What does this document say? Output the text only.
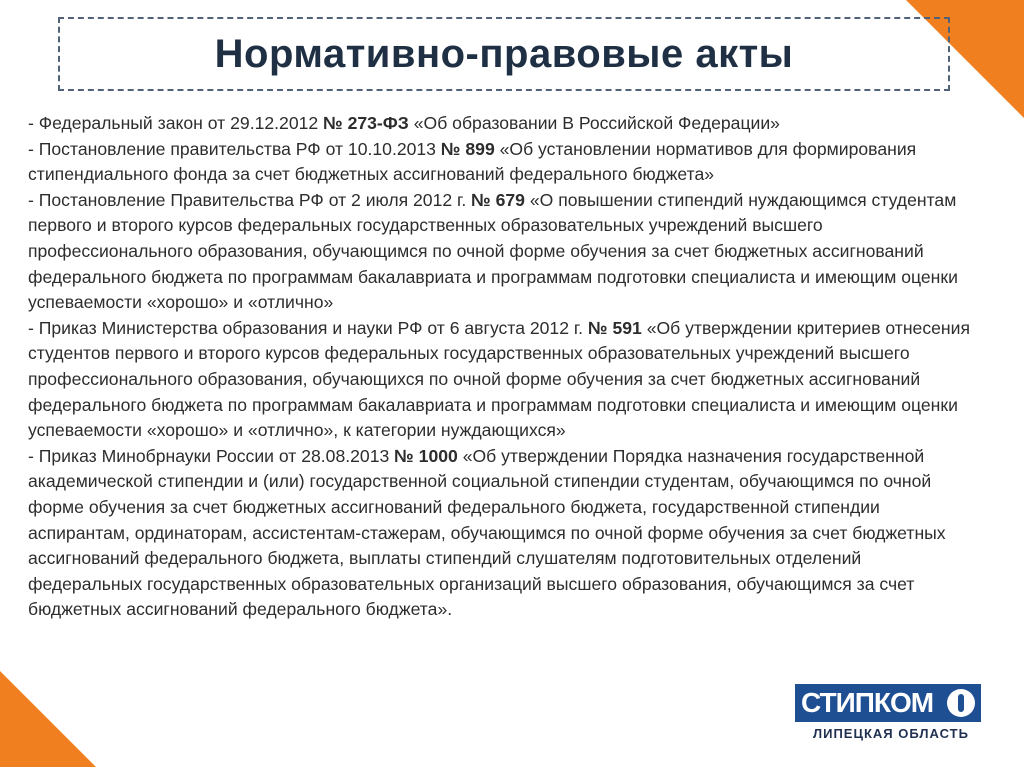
Нормативно-правовые акты

- Федеральный закон от 29.12.2012 № 273-ФЗ «Об образовании В Российской Федерации»

- Постановление правительства РФ от 10.10.2013 № 899 «Об установлении нормативов для формирования стипендиального фонда за счет бюджетных ассигнований федерального бюджета»

- Постановление Правительства РФ от 2 июля 2012 г. № 679 «О повышении стипендий нуждающимся студентам первого и второго курсов федеральных государственных образовательных учреждений высшего профессионального образования, обучающимся по очной форме обучения за счет бюджетных ассигнований федерального бюджета по программам бакалавриата и программам подготовки специалиста и имеющим оценки успеваемости «хорошо» и «отлично»

- Приказ Министерства образования и науки РФ от 6 августа 2012 г. № 591 «Об утверждении критериев отнесения студентов первого и второго курсов федеральных государственных образовательных учреждений высшего профессионального образования, обучающихся по очной форме обучения за счет бюджетных ассигнований федерального бюджета по программам бакалавриата и программам подготовки специалиста и имеющим оценки успеваемости «хорошо» и «отлично», к категории нуждающихся»

- Приказ Минобрнауки России от 28.08.2013 № 1000 «Об утверждении Порядка назначения государственной академической стипендии и (или) государственной социальной стипендии студентам, обучающимся по очной форме обучения за счет бюджетных ассигнований федерального бюджета, государственной стипендии аспирантам, ординаторам, ассистентам-стажерам, обучающимся по очной форме обучения за счет бюджетных ассигнований федерального бюджета, выплаты стипендий слушателям подготовительных отделений федеральных государственных образовательных организаций высшего образования, обучающимся за счет бюджетных ассигнований федерального бюджета».

СТИПКОМ
ЛИПЕЦКАЯ ОБЛАСТЬ
